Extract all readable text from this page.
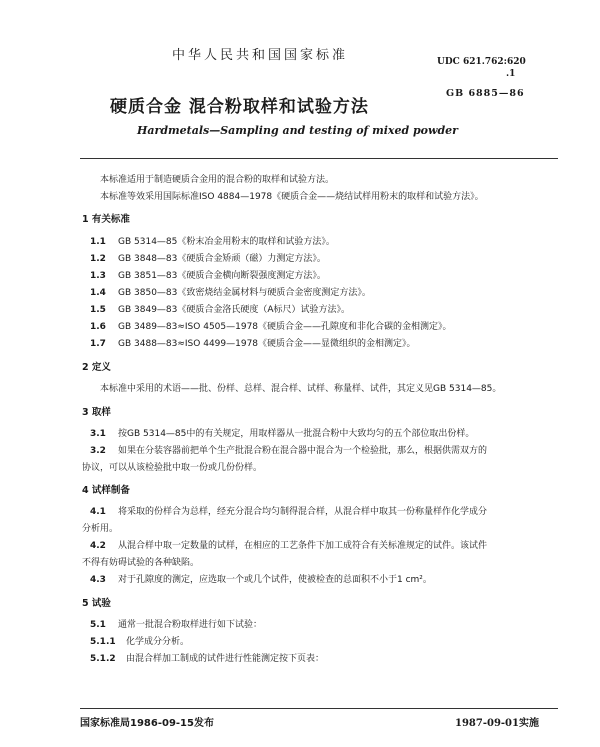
中华人民共和国国家标准	UDC 621.762:620
.1
GB 6885—86
硬质合金 混合粉取样和试验方法
Hardmetals—Sampling and testing of mixed powder
本标准适用于制造硬质合金用的混合粉的取样和试验方法。
本标准等效采用国际标准ISO 4884—1978《硬质合金——烧结试样用粉末的取样和试验方法》。
1 有关标准
1.1 GB 5314—85《粉末冶金用粉末的取样和试验方法》。
1.2 GB 3848—83《硬质合金矫顽（磁）力测定方法》。
1.3 GB 3851—83《硬质合金横向断裂强度测定方法》。
1.4 GB 3850—83《致密烧结金属材料与硬质合金密度测定方法》。
1.5 GB 3849—83《硬质合金洛氏硬度（A标尺）试验方法》。
1.6 GB 3489—83≈ISO 4505—1978《硬质合金——孔隙度和非化合碳的金相测定》。
1.7 GB 3488—83≈ISO 4499—1978《硬质合金——显微组织的金相测定》。
2 定义
本标准中采用的术语——批、份样、总样、混合样、试样、称量样、试件，其定义见GB 5314—85。
3 取样
3.1 按GB 5314—85中的有关规定，用取样器从一批混合粉中大致均匀的五个部位取出份样。
3.2 如果在分装容器前把单个生产批混合粉在混合器中混合为一个检验批，那么，根据供需双方的
协议，可以从该检验批中取一份或几份份样。
4 试样制备
4.1 将采取的份样合为总样，经充分混合均匀制得混合样，从混合样中取其一份称量样作化学成分
分析用。
4.2 从混合样中取一定数量的试样，在相应的工艺条件下加工成符合有关标准规定的试件。该试件
不得有妨碍试验的各种缺陷。
4.3 对于孔隙度的测定，应选取一个或几个试件，使被检查的总面积不小于1 cm²。
5 试验
5.1 通常一批混合粉取样进行如下试验：
5.1.1 化学成分分析。
5.1.2 由混合样加工制成的试件进行性能测定按下页表：
国家标准局1986-09-15发布	1987-09-01实施
